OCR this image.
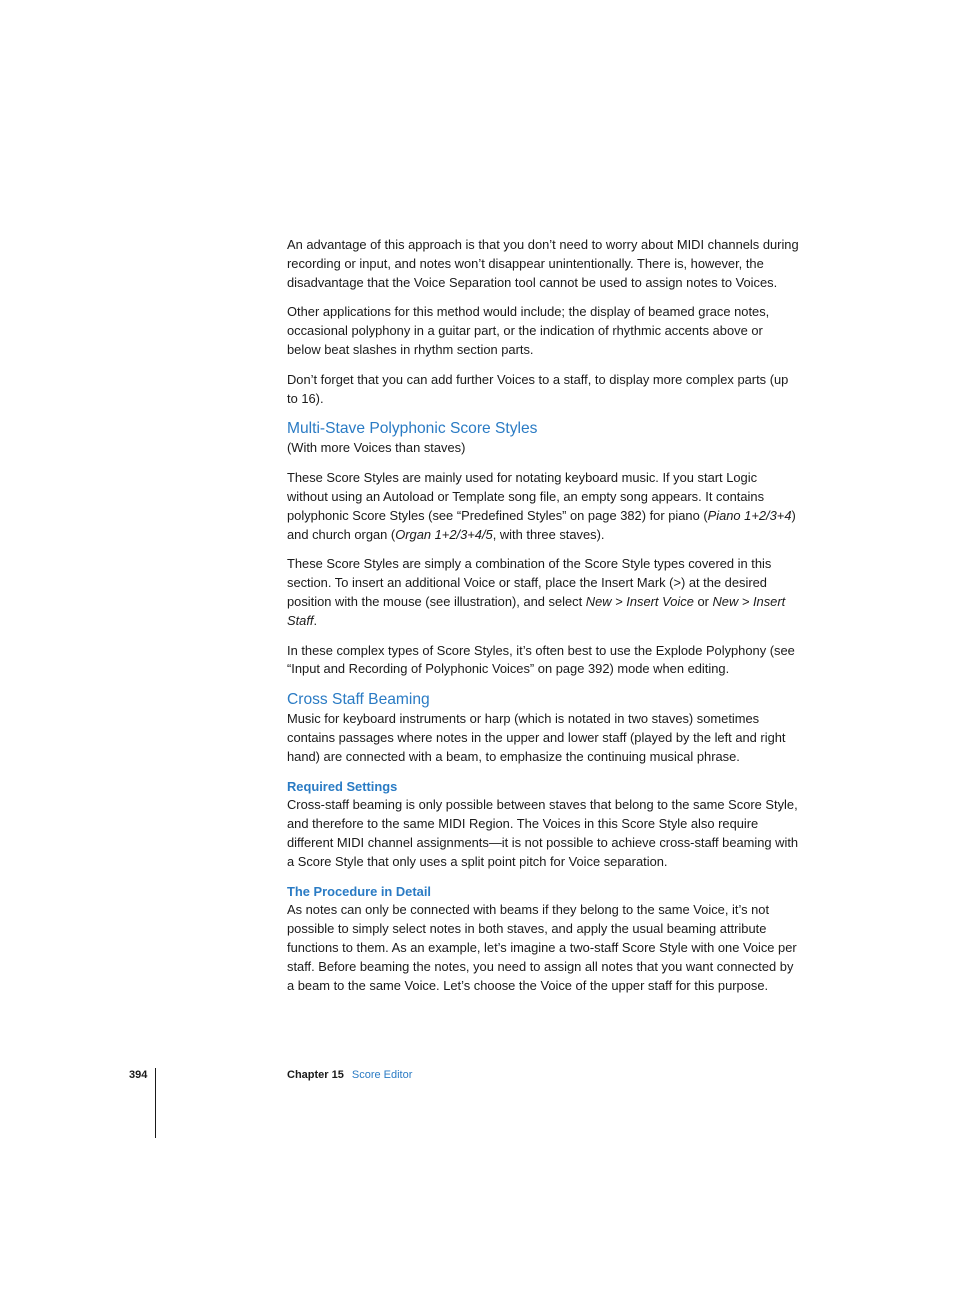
An advantage of this approach is that you don’t need to worry about MIDI channels during recording or input, and notes won’t disappear unintentionally. There is, however, the disadvantage that the Voice Separation tool cannot be used to assign notes to Voices.

Other applications for this method would include; the display of beamed grace notes, occasional polyphony in a guitar part, or the indication of rhythmic accents above or below beat slashes in rhythm section parts.

Don’t forget that you can add further Voices to a staff, to display more complex parts (up to 16).

Multi-Stave Polyphonic Score Styles

(With more Voices than staves)

These Score Styles are mainly used for notating keyboard music. If you start Logic without using an Autoload or Template song file, an empty song appears. It contains polyphonic Score Styles (see “Predefined Styles” on page 382) for piano (Piano 1+2/3+4) and church organ (Organ 1+2/3+4/5, with three staves).

These Score Styles are simply a combination of the Score Style types covered in this section. To insert an additional Voice or staff, place the Insert Mark (>) at the desired position with the mouse (see illustration), and select New > Insert Voice or New > Insert Staff.

In these complex types of Score Styles, it’s often best to use the Explode Polyphony (see “Input and Recording of Polyphonic Voices” on page 392) mode when editing.

Cross Staff Beaming

Music for keyboard instruments or harp (which is notated in two staves) sometimes contains passages where notes in the upper and lower staff (played by the left and right hand) are connected with a beam, to emphasize the continuing musical phrase.

Required Settings

Cross-staff beaming is only possible between staves that belong to the same Score Style, and therefore to the same MIDI Region. The Voices in this Score Style also require different MIDI channel assignments—it is not possible to achieve cross-staff beaming with a Score Style that only uses a split point pitch for Voice separation.

The Procedure in Detail

As notes can only be connected with beams if they belong to the same Voice, it’s not possible to simply select notes in both staves, and apply the usual beaming attribute functions to them. As an example, let’s imagine a two-staff Score Style with one Voice per staff. Before beaming the notes, you need to assign all notes that you want connected by a beam to the same Voice. Let’s choose the Voice of the upper staff for this purpose.

394	Chapter 15 Score Editor
